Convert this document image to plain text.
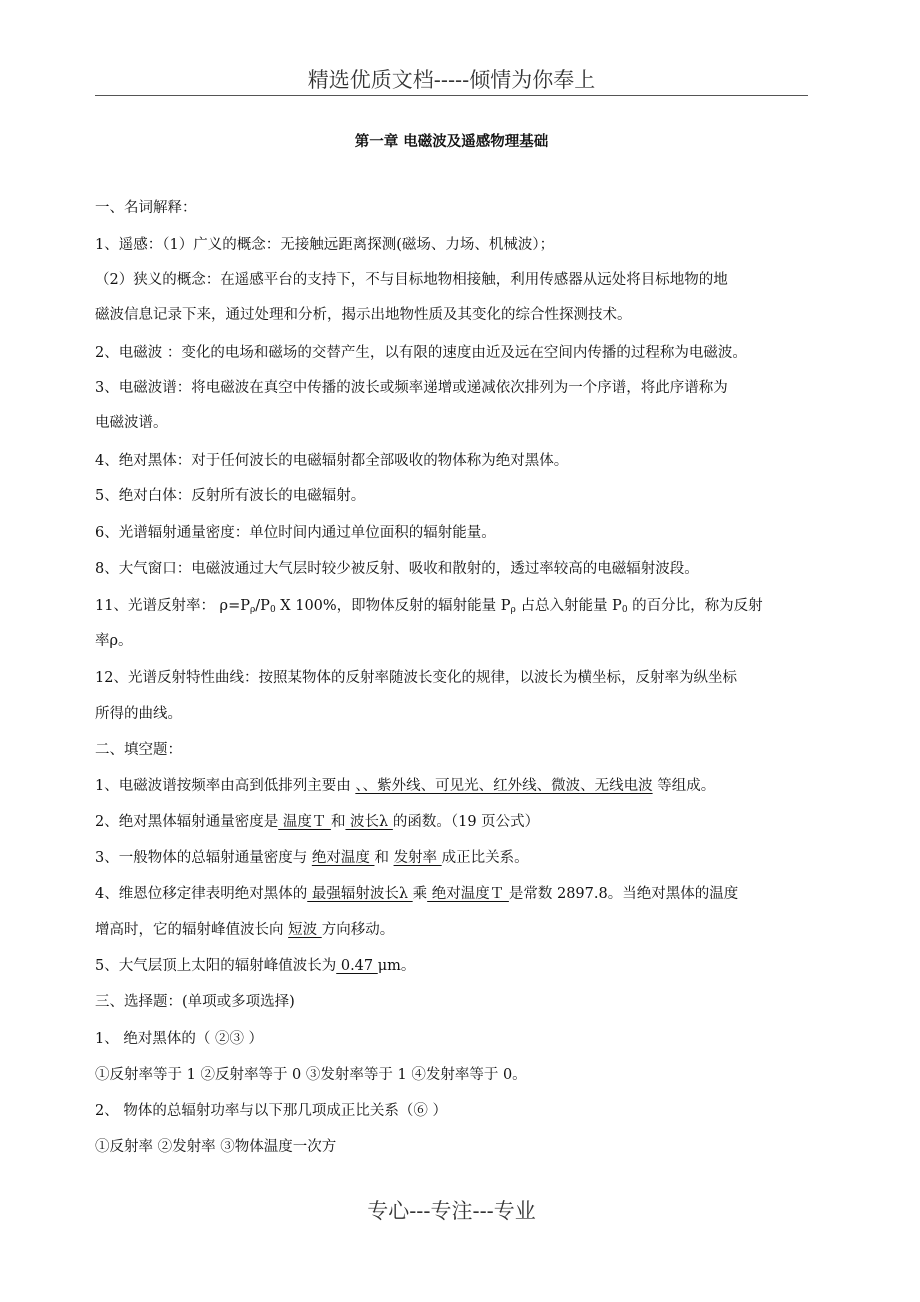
精选优质文档-----倾情为你奉上
第一章 电磁波及遥感物理基础
一、名词解释：
1、遥感：（1）广义的概念：无接触远距离探测(磁场、力场、机械波）；
（2）狭义的概念：在遥感平台的支持下，不与目标地物相接触，利用传感器从远处将目标地物的地
磁波信息记录下来，通过处理和分析，揭示出地物性质及其变化的综合性探测技术。
2、电磁波 ：变化的电场和磁场的交替产生，以有限的速度由近及远在空间内传播的过程称为电磁波。
3、电磁波谱：将电磁波在真空中传播的波长或频率递增或递减依次排列为一个序谱，将此序谱称为
电磁波谱。
4、绝对黑体：对于任何波长的电磁辐射都全部吸收的物体称为绝对黑体。
5、绝对白体：反射所有波长的电磁辐射。
6、光谱辐射通量密度：单位时间内通过单位面积的辐射能量。
8、大气窗口：电磁波通过大气层时较少被反射、吸收和散射的，透过率较高的电磁辐射波段。
11、光谱反射率： $\rho=P_\rho/P_0$ X 100%，即物体反射的辐射能量 $P_\rho$ 占总入射能量 $P_0$ 的百分比，称为反射
率ρ。
12、光谱反射特性曲线：按照某物体的反射率随波长变化的规律，以波长为横坐标，反射率为纵坐标
所得的曲线。
二、填空题：
1、电磁波谱按频率由高到低排列主要由 、、紫外线、可见光、红外线、微波、无线电波 等组成。
2、绝对黑体辐射通量密度是 温度Ｔ 和 波长λ 的函数。（19 页公式）
3、一般物体的总辐射通量密度与 绝对温度 和 发射率 成正比关系。
4、维恩位移定律表明绝对黑体的 最强辐射波长λ 乘 绝对温度Ｔ 是常数 2897.8。当绝对黑体的温度
增高时，它的辐射峰值波长向 短波 方向移动。
5、大气层顶上太阳的辐射峰值波长为 0.47 μm。
三、选择题：(单项或多项选择)
1、 绝对黑体的（ ②③ ）
①反射率等于 1 ②反射率等于 0 ③发射率等于 1 ④发射率等于 0。
2、 物体的总辐射功率与以下那几项成正比关系（⑥ ）
①反射率 ②发射率 ③物体温度一次方
专心---专注---专业
